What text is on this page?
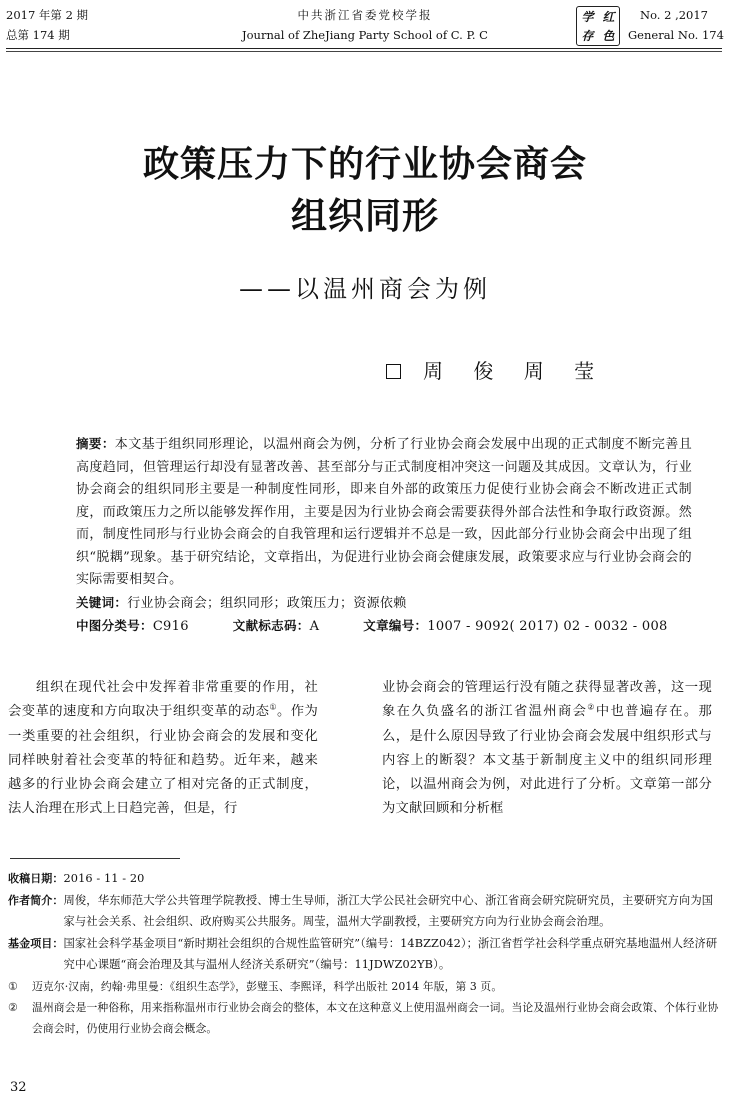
2017 年第 2 期
总第 174 期
中共浙江省委党校学报
Journal of ZheJiang Party School of C. P. C
学 红
存 色
No. 2 ,2017
General No. 174
政策压力下的行业协会商会
组织同形
——以温州商会为例
周 俊 周 莹
摘要：本文基于组织同形理论，以温州商会为例，分析了行业协会商会发展中出现的正式制度不断完善且高度趋同，但管理运行却没有显著改善、甚至部分与正式制度相冲突这一问题及其成因。文章认为，行业协会商会的组织同形主要是一种制度性同形，即来自外部的政策压力促使行业协会商会不断改进正式制度，而政策压力之所以能够发挥作用，主要是因为行业协会商会需要获得外部合法性和争取行政资源。然而，制度性同形与行业协会商会的自我管理和运行逻辑并不总是一致，因此部分行业协会商会中出现了组织“脱耦”现象。基于研究结论，文章指出，为促进行业协会商会健康发展，政策要求应与行业协会商会的实际需要相契合。
关键词：行业协会商会；组织同形；政策压力；资源依赖
中图分类号：C916	文献标志码：A	文章编号：1007 - 9092( 2017) 02 - 0032 - 008

组织在现代社会中发挥着非常重要的作用，社会变革的速度和方向取决于组织变革的动态①。作为一类重要的社会组织，行业协会商会的发展和变化同样映射着社会变革的特征和趋势。近年来，越来越多的行业协会商会建立了相对完备的正式制度，法人治理在形式上日趋完善，但是，行

业协会商会的管理运行没有随之获得显著改善，这一现象在久负盛名的浙江省温州商会②中也普遍存在。那么，是什么原因导致了行业协会商会发展中组织形式与内容上的断裂？本文基于新制度主义中的组织同形理论，以温州商会为例，对此进行了分析。文章第一部分为文献回顾和分析框

收稿日期： 2016 - 11 - 20
作者简介： 周俊，华东师范大学公共管理学院教授、博士生导师，浙江大学公民社会研究中心、浙江省商会研究院研究员，主要研究方向为国家与社会关系、社会组织、政府购买公共服务。周莹，温州大学副教授，主要研究方向为行业协会商会治理。
基金项目： 国家社会科学基金项目“新时期社会组织的合规性监管研究”（编号：14BZZ042）；浙江省哲学社会科学重点研究基地温州人经济研究中心课题“商会治理及其与温州人经济关系研究”（编号：11JDWZ02YB）。
①	迈克尔·汉南，约翰·弗里曼：《组织生态学》，彭璧玉、李熙译，科学出版社 2014 年版，第 3 页。
②	温州商会是一种俗称，用来指称温州市行业协会商会的整体，本文在这种意义上使用温州商会一词。当论及温州行业协会商会政策、个体行业协会商会时，仍使用行业协会商会概念。
32
